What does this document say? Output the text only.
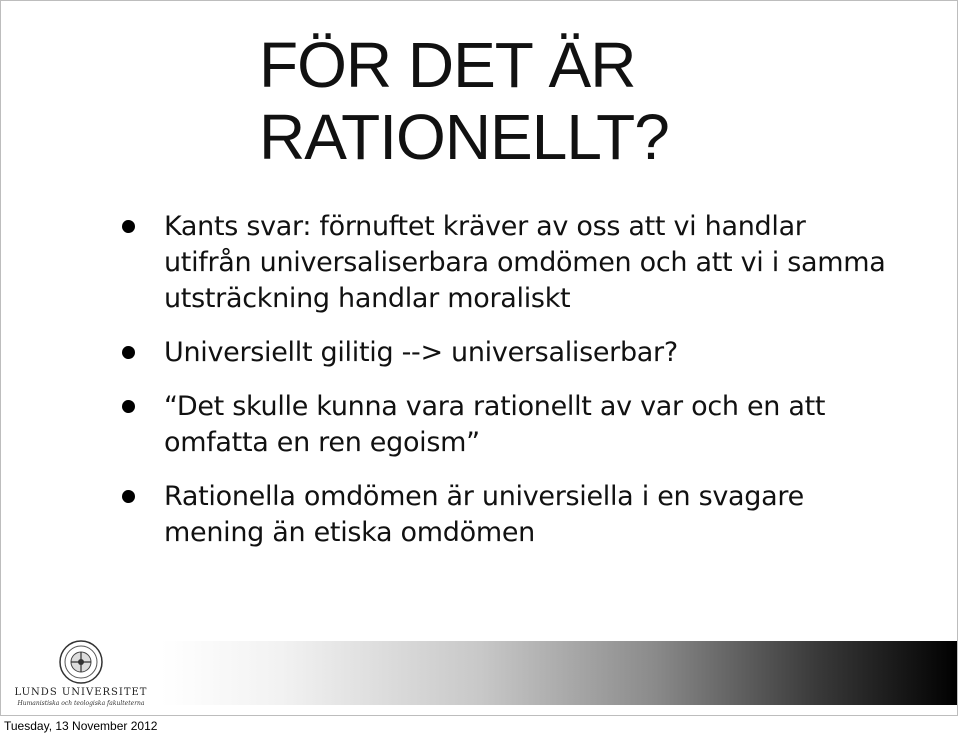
FÖR DET ÄR
RATIONELLT?
Kants svar: förnuftet kräver av oss att vi handlar utifrån universaliserbara omdömen och att vi i samma utsträckning handlar moraliskt
Universiellt gilitig --> universaliserbar?
“Det skulle kunna vara rationellt av var och en att omfatta en ren egoism”
Rationella omdömen är universiella i en svagare mening än etiska omdömen
LUNDS UNIVERSITET
Humanistiska och teologiska fakulteterna
Tuesday, 13 November 2012
